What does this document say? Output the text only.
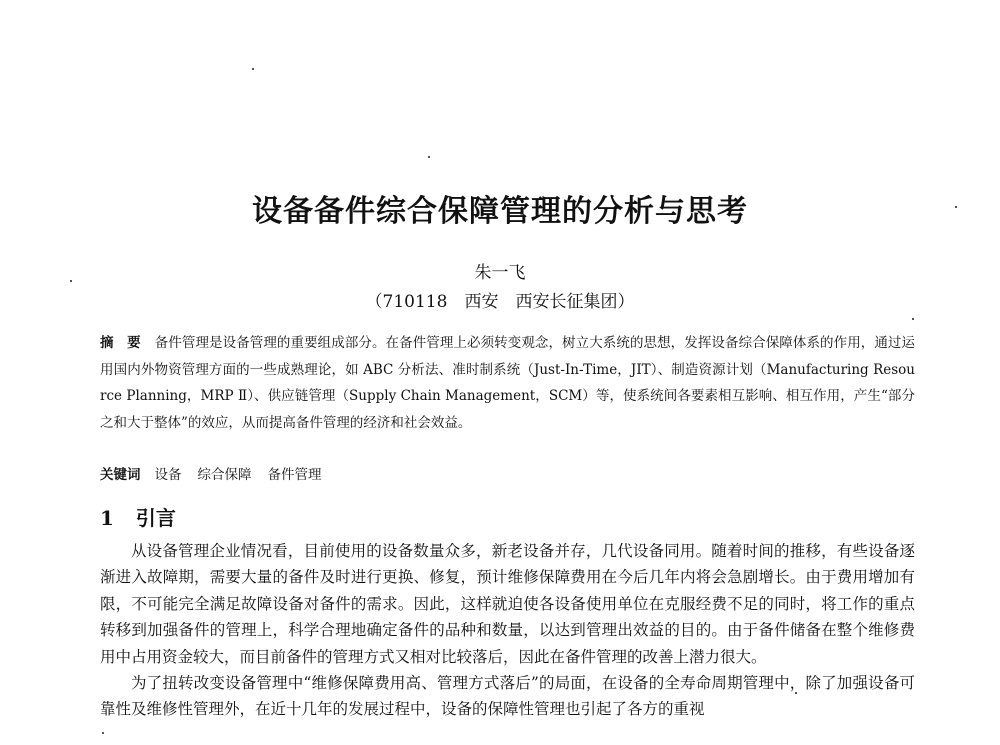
设备备件综合保障管理的分析与思考

朱一飞

（710118　西安　西安长征集团）

摘　要 备件管理是设备管理的重要组成部分。在备件管理上必须转变观念，树立大系统的思想，发挥设备综合保障体系的作用，通过运用国内外物资管理方面的一些成熟理论，如 ABC 分析法、准时制系统（Just-In-Time，JIT）、制造资源计划（Manufacturing Resource Planning，MRP Ⅱ）、供应链管理（Supply Chain Management，SCM）等，使系统间各要素相互影响、相互作用，产生“部分之和大于整体”的效应，从而提高备件管理的经济和社会效益。

关键词 设备 综合保障 备件管理

1 引言

从设备管理企业情况看，目前使用的设备数量众多，新老设备并存，几代设备同用。随着时间的推移，有些设备逐渐进入故障期，需要大量的备件及时进行更换、修复，预计维修保障费用在今后几年内将会急剧增长。由于费用增加有限，不可能完全满足故障设备对备件的需求。因此，这样就迫使各设备使用单位在克服经费不足的同时，将工作的重点转移到加强备件的管理上，科学合理地确定备件的品种和数量，以达到管理出效益的目的。由于备件储备在整个维修费用中占用资金较大，而目前备件的管理方式又相对比较落后，因此在备件管理的改善上潜力很大。

为了扭转改变设备管理中“维修保障费用高、管理方式落后”的局面，在设备的全寿命周期管理中，除了加强设备可靠性及维修性管理外，在近十几年的发展过程中，设备的保障性管理也引起了各方的重视
